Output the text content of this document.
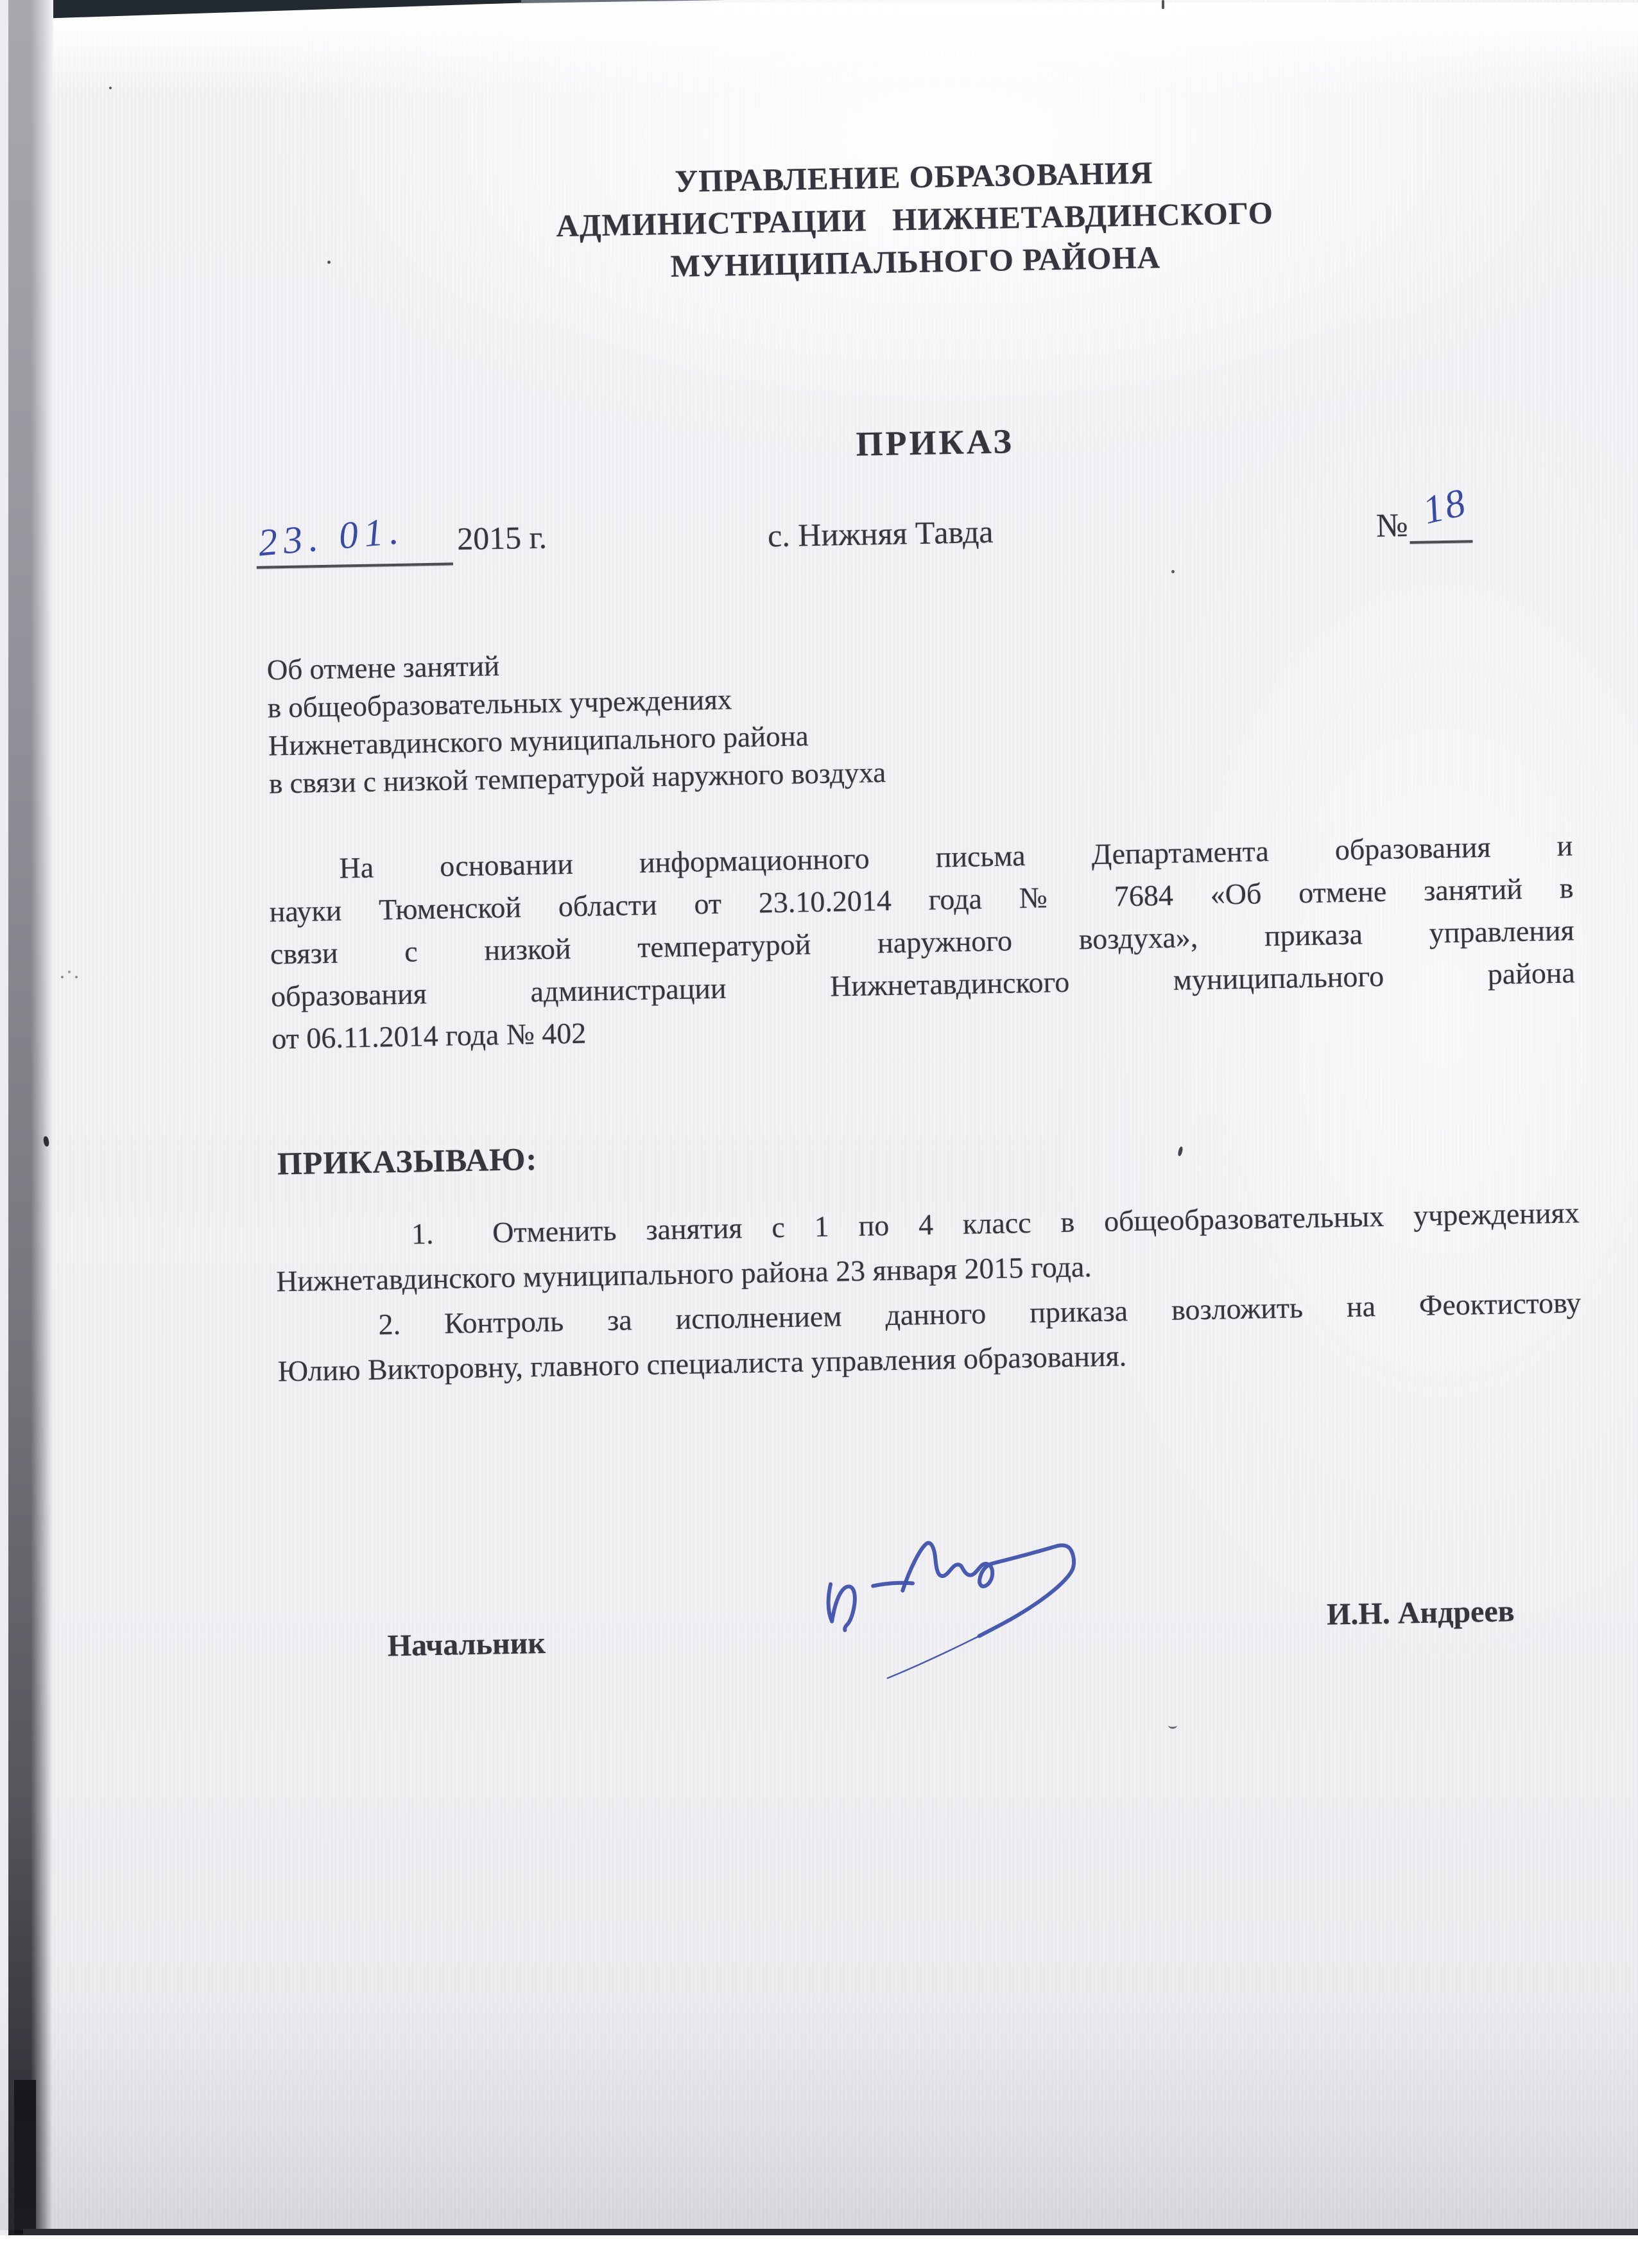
УПРАВЛЕНИЕ ОБРАЗОВАНИЯ
АДМИНИСТРАЦИИ   НИЖНЕТАВДИНСКОГО
МУНИЦИПАЛЬНОГО РАЙОНА
ПРИКАЗ
23. 01. 2015 г.	с. Нижняя Тавда	№ 18
Об отмене занятий
в общеобразовательных учреждениях
Нижнетавдинского муниципального района
в связи с низкой температурой наружного воздуха
На основании информационного письма Департамента образования и
науки Тюменской области от 23.10.2014 года № 7684 «Об отмене занятий в
связи с низкой температурой наружного воздуха», приказа управления
образования администрации Нижнетавдинского муниципального района
от 06.11.2014 года № 402
ПРИКАЗЫВАЮ:
1.  Отменить занятия с 1 по 4 класс в общеобразовательных учреждениях
Нижнетавдинского муниципального района 23 января 2015 года.
2. Контроль за исполнением данного приказа возложить на Феоктистову
Юлию Викторовну, главного специалиста управления образования.
Начальник
И.Н. Андреев
